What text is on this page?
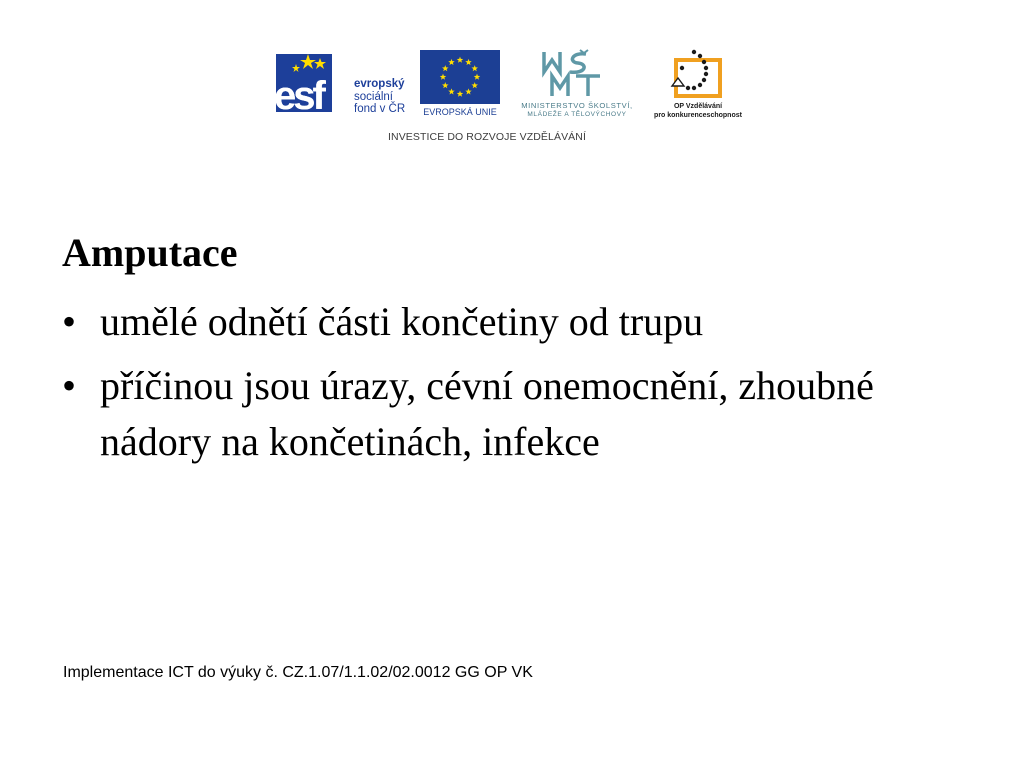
esf	evropský
sociální
fond v ČR	EVROPSKÁ UNIE
MINISTERSTVO ŠKOLSTVÍ,
MLÁDEŽE A TĚLOVÝCHOVY
OP Vzdělávání
pro konkurenceschopnost
INVESTICE DO ROZVOJE VZDĚLÁVÁNÍ
Amputace
• umělé odnětí části končetiny od trupu
• příčinou jsou úrazy, cévní onemocnění, zhoubné nádory na končetinách, infekce
Implementace ICT do výuky č. CZ.1.07/1.1.02/02.0012 GG OP VK
